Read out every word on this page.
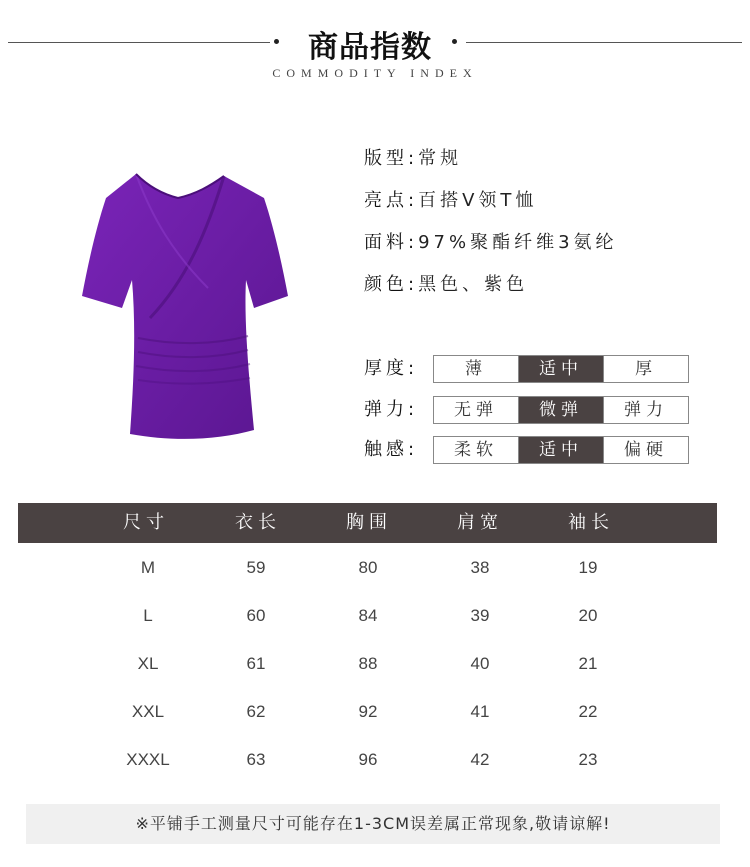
商品指数
COMMODITY INDEX
版型:常规
亮点:百搭V领T恤
面料:97%聚酯纤维3氨纶
颜色:黑色、紫色
厚度:	薄	适中	厚
弹力:	无弹	微弹	弹力
触感:	柔软	适中	偏硬
尺寸	衣长	胸围	肩宽	袖长
M	59	80	38	19
L	60	84	39	20
XL	61	88	40	21
XXL	62	92	41	22
XXXL	63	96	42	23
※平铺手工测量尺寸可能存在1-3CM误差属正常现象,敬请谅解!
